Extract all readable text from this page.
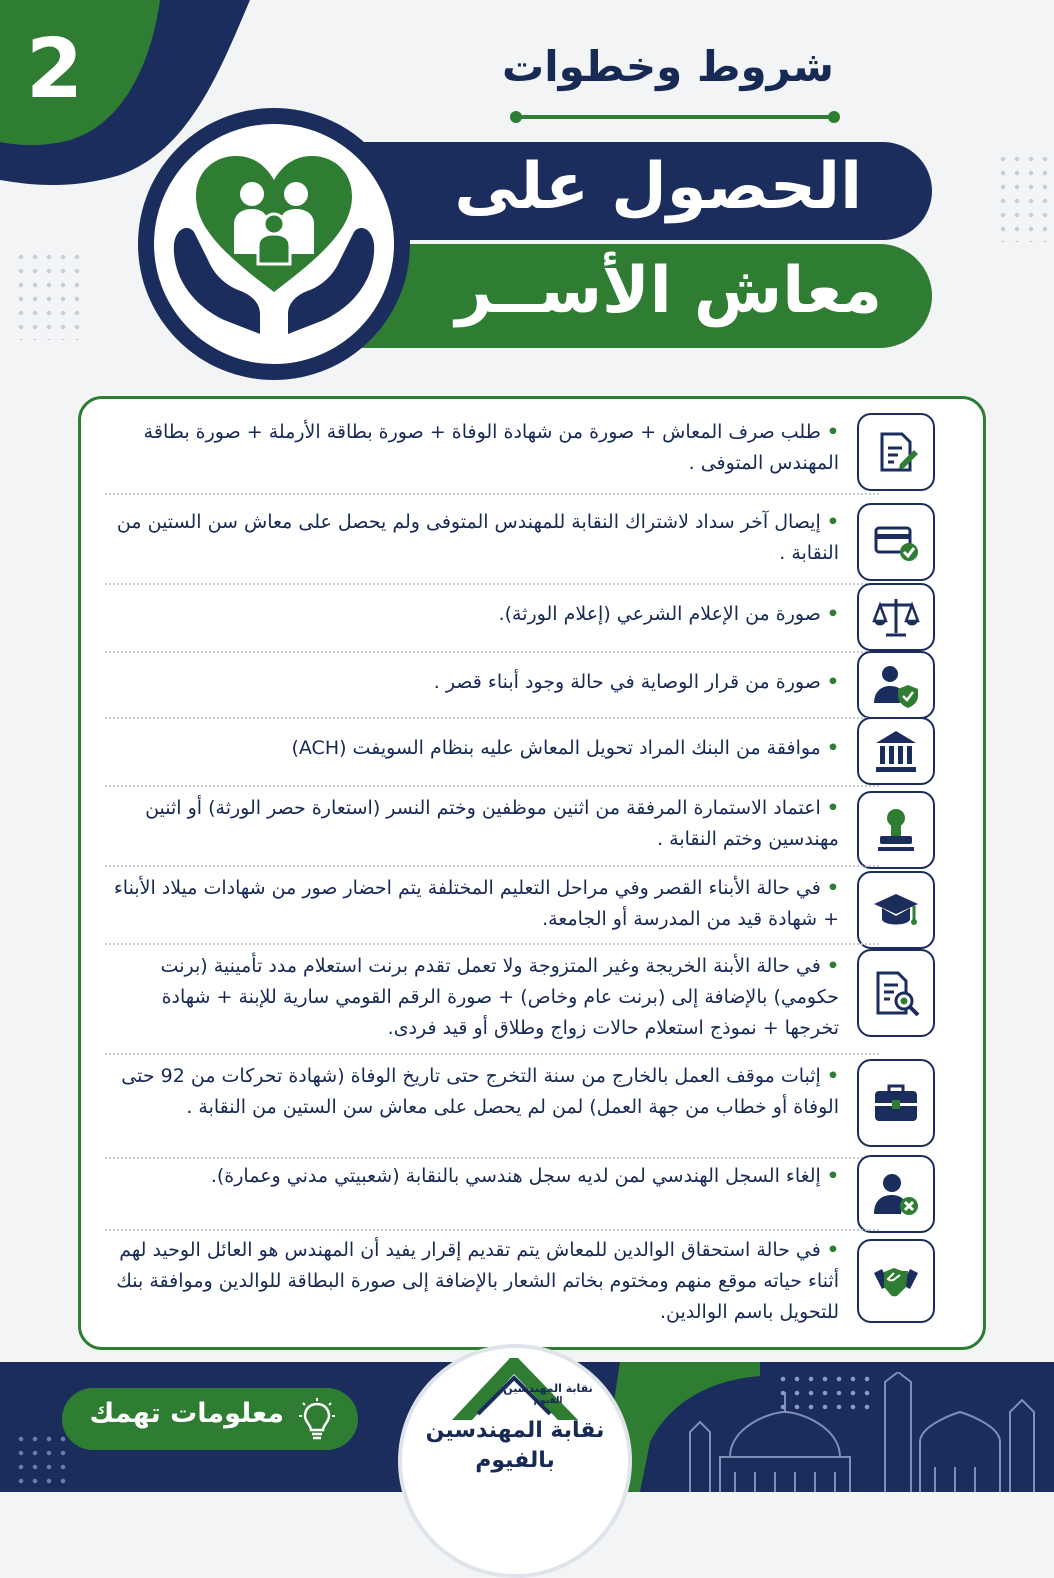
2	شروط وخطوات
الحصول على
معاش الأســر
•طلب صرف المعاش + صورة من شهادة الوفاة + صورة بطاقة الأرملة + صورة بطاقة المهندس المتوفى .
•إيصال آخر سداد لاشتراك النقابة للمهندس المتوفى ولم يحصل على معاش سن الستين من النقابة .
•صورة من الإعلام الشرعي (إعلام الورثة).
•صورة من قرار الوصاية في حالة وجود أبناء قصر .
•موافقة من البنك المراد تحويل المعاش عليه بنظام السويفت (ACH)
•اعتماد الاستمارة المرفقة من اثنين موظفين وختم النسر (استعارة حصر الورثة) أو اثنين مهندسين وختم النقابة .
•في حالة الأبناء القصر وفي مراحل التعليم المختلفة يتم احضار صور من شهادات ميلاد الأبناء + شهادة قيد من المدرسة أو الجامعة.
•في حالة الأبنة الخريجة وغير المتزوجة ولا تعمل تقدم برنت استعلام مدد تأمينية (برنت حكومي) بالإضافة إلى (برنت عام وخاص) + صورة الرقم القومي سارية للإبنة + شهادة تخرجها + نموذج استعلام حالات زواج وطلاق أو قيد فردى.
•إثبات موقف العمل بالخارج من سنة التخرج حتى تاريخ الوفاة (شهادة تحركات من 92 حتى الوفاة أو خطاب من جهة العمل) لمن لم يحصل على معاش سن الستين من النقابة .
•إلغاء السجل الهندسي لمن لديه سجل هندسي بالنقابة (شعبيتي مدني وعمارة).
•في حالة استحقاق الوالدين للمعاش يتم تقديم إقرار يفيد أن المهندس هو العائل الوحيد لهم أثناء حياته موقع منهم ومختوم بخاتم الشعار بالإضافة إلى صورة البطاقة للوالدين وموافقة بنك للتحويل باسم الوالدين.
معلومات تهمك
نقابة المهندسين
الفيوم
نقابة المهندسين
بالفيوم
